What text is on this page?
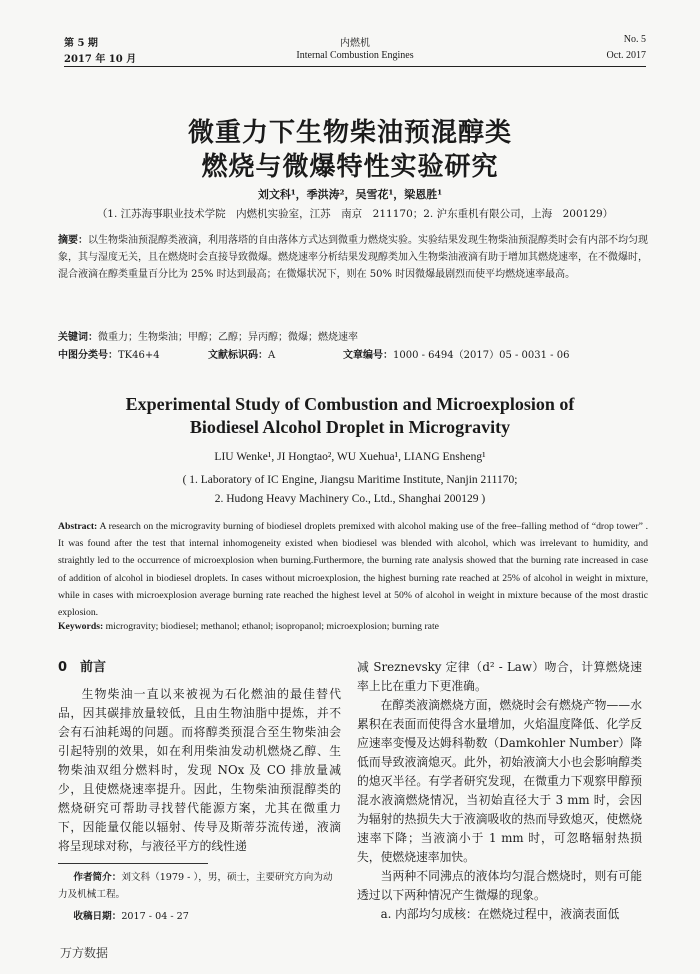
第 5 期
2017 年 10 月
内燃机
Internal Combustion Engines
No. 5
Oct. 2017
微重力下生物柴油预混醇类
燃烧与微爆特性实验研究
刘文科¹，季洪涛²，吴雪花¹，梁恩胜¹
（1. 江苏海事职业技术学院　内燃机实验室，江苏　南京　211170；2. 沪东重机有限公司，上海　200129）
摘要：以生物柴油预混醇类液滴，利用落塔的自由落体方式达到微重力燃烧实验。实验结果发现生物柴油预混醇类时会有内部不均匀现象，其与湿度无关，且在燃烧时会直接导致微爆。燃烧速率分析结果发现醇类加入生物柴油液滴有助于增加其燃烧速率，在不微爆时，混合液滴在醇类重量百分比为 25% 时达到最高；在微爆状况下，则在 50% 时因微爆最剧烈而使平均燃烧速率最高。
关键词：微重力；生物柴油；甲醇；乙醇；异丙醇；微爆；燃烧速率
中图分类号：TK46+4	文献标识码：A	文章编号：1000 - 6494（2017）05 - 0031 - 06
Experimental Study of Combustion and Microexplosion of
Biodiesel Alcohol Droplet in Microgravity
LIU Wenke¹, JI Hongtao², WU Xuehua¹, LIANG Ensheng¹
( 1. Laboratory of IC Engine, Jiangsu Maritime Institute, Nanjin 211170;
2. Hudong Heavy Machinery Co., Ltd., Shanghai 200129 )
Abstract: A research on the microgravity burning of biodiesel droplets premixed with alcohol making use of the free–falling method of “drop tower” . It was found after the test that internal inhomogeneity existed when biodiesel was blended with alcohol, which was irrelevant to humidity, and straightly led to the occurrence of microexplosion when burning.Furthermore, the burning rate analysis showed that the burning rate increased in case of addition of alcohol in biodiesel droplets. In cases without microexplosion, the highest burning rate reached at 25% of alcohol in weight in mixture, while in cases with microexplosion average burning rate reached the highest level at 50% of alcohol in weight in mixture because of the most drastic explosion.
Keywords: microgravity; biodiesel; methanol; ethanol; isopropanol; microexplosion; burning rate
0　前言

生物柴油一直以来被视为石化燃油的最佳替代品，因其碳排放量较低，且由生物油脂中提炼，并不会有石油耗竭的问题。而将醇类预混合至生物柴油会引起特别的效果，如在利用柴油发动机燃烧乙醇、生物柴油双组分燃料时，发现 NOx 及 CO 排放量减少，且使燃烧速率提升。因此，生物柴油预混醇类的燃烧研究可帮助寻找替代能源方案，尤其在微重力下，因能量仅能以辐射、传导及斯蒂芬流传递，液滴将呈现球对称，与液径平方的线性递

减 Sreznevsky 定律（d² - Law）吻合，计算燃烧速率上比在重力下更准确。

在醇类液滴燃烧方面，燃烧时会有燃烧产物——水累积在表面而使得含水量增加，火焰温度降低、化学反应速率变慢及达姆科勒数（Damkohler Number）降低而导致液滴熄灭。此外，初始液滴大小也会影响醇类的熄灭半径。有学者研究发现，在微重力下观察甲醇预混水液滴燃烧情况，当初始直径大于 3 mm 时，会因为辐射的热损失大于液滴吸收的热而导致熄灭，使燃烧速率下降；当液滴小于 1 mm 时，可忽略辐射热损失，使燃烧速率加快。

当两种不同沸点的液体均匀混合燃烧时，则有可能透过以下两种情况产生微爆的现象。

a. 内部均匀成核：在燃烧过程中，液滴表面低

作者简介：刘文科（1979 - ），男，硕士，主要研究方向为动力及机械工程。
收稿日期：2017 - 04 - 27
万方数据
